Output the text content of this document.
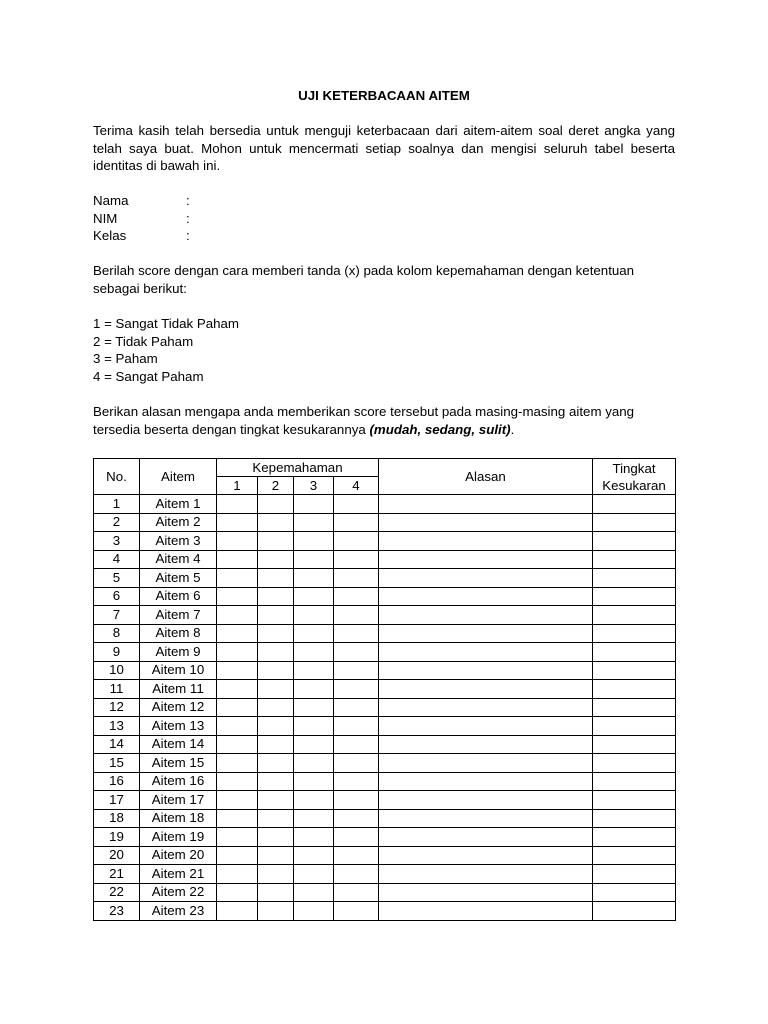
UJI KETERBACAAN AITEM

Terima kasih telah bersedia untuk menguji keterbacaan dari aitem-aitem soal deret angka yang telah saya buat. Mohon untuk mencermati setiap soalnya dan mengisi seluruh tabel beserta identitas di bawah ini.

Nama	:
NIM	:
Kelas	:

Berilah score dengan cara memberi tanda (x) pada kolom kepemahaman dengan ketentuan sebagai berikut:

1 = Sangat Tidak Paham
2 = Tidak Paham
3 = Paham
4 = Sangat Paham

Berikan alasan mengapa anda memberikan score tersebut pada masing-masing aitem yang tersedia beserta dengan tingkat kesukarannya (mudah, sedang, sulit).

No.	Aitem	Kepemahaman				Alasan	Tingkat Kesukaran
		1	2	3	4		
1	Aitem 1						
2	Aitem 2						
3	Aitem 3						
4	Aitem 4						
5	Aitem 5						
6	Aitem 6						
7	Aitem 7						
8	Aitem 8						
9	Aitem 9						
10	Aitem 10						
11	Aitem 11						
12	Aitem 12						
13	Aitem 13						
14	Aitem 14						
15	Aitem 15						
16	Aitem 16						
17	Aitem 17						
18	Aitem 18						
19	Aitem 19						
20	Aitem 20						
21	Aitem 21						
22	Aitem 22						
23	Aitem 23						
